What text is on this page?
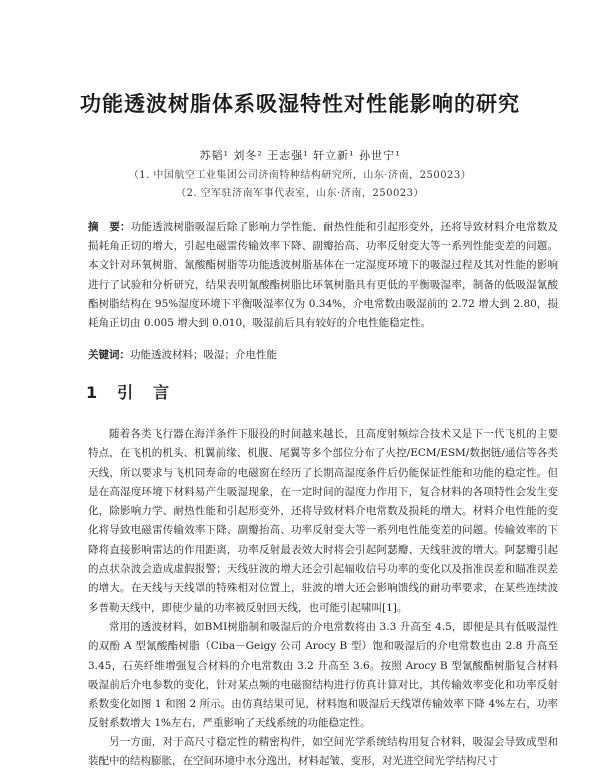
功能透波树脂体系吸湿特性对性能影响的研究
苏韬¹ 刘冬² 王志强¹ 轩立新¹ 孙世宁¹
（1. 中国航空工业集团公司济南特种结构研究所，山东·济南，250023）
（2. 空军驻济南军事代表室，山东·济南，250023）
摘　要：功能透波树脂吸湿后除了影响力学性能、耐热性能和引起形变外，还将导致材料介电常数及损耗角正切的增大，引起电磁雷传输效率下降、副瓣抬高、功率反射变大等一系列性能变差的问题。本文针对环氧树脂、氰酸酯树脂等功能透波树脂基体在一定湿度环境下的吸湿过程及其对性能的影响进行了试验和分析研究，结果表明氰酸酯树脂比环氧树脂具有更低的平衡吸湿率，制备的低吸湿氰酸酯树脂结构在 95%湿度环境下平衡吸湿率仅为 0.34%，介电常数由吸湿前的 2.72 增大到 2.80，损耗角正切由 0.005 增大到 0.010，吸湿前后具有较好的介电性能稳定性。
关键词：功能透波材料；吸湿；介电性能
1 引　言
随着各类飞行器在海洋条件下服役的时间越来越长，且高度射频综合技术又是下一代飞机的主要特点，在飞机的机头、机翼前缘、机腹、尾翼等多个部位分布了火控/ECM/ESM/数据链/通信等各类天线，所以要求与飞机同寿命的电磁窗在经历了长期高湿度条件后仍能保证性能和功能的稳定性。但是在高湿度环境下材料易产生吸湿现象，在一定时间的湿度力作用下，复合材料的各项特性会发生变化，除影响力学、耐热性能和引起形变外，还将导致材料介电常数及损耗的增大。材料介电性能的变化将导致电磁雷传输效率下降、副瓣抬高、功率反射变大等一系列电性能变差的问题。传输效率的下降将直接影响雷达的作用距离，功率反射最表效大时将会引起阿瑟瓣、天线驻波的增大。阿瑟瓣引起的点状杂波会造成虚假报警；天线驻波的增大还会引起辐收信号功率的变化以及指准误差和瞄准误差的增大。在天线与天线罩的特殊相对位置上，驻波的增大还会影响馈线的耐功率要求，在某些连续波多普勒天线中，即使少量的功率被反射回天线，也可能引起啸叫[1]。
常用的透波材料，如BMI树脂制和吸湿后的介电常数将由 3.3 升高至 4.5，即便是具有低吸湿性的双酚 A 型氰酸酯树脂（Ciba－Geigy 公司 Arocy B 型）饱和吸湿后的介电常数也由 2.8 升高至 3.45，石英纤维增强复合材料的介电常数由 3.2 升高至 3.6。按照 Arocy B 型氰酸酯树脂复合材料吸湿前后介电参数的变化，针对某点频的电磁窗结构进行仿真计算对比，其传输效率变化和功率反射系数变化如图 1 和图 2 所示。由仿真结果可见，材料饱和吸湿后天线罩传输效率下降 4%左右，功率反射系数增大 1%左右，严重影响了天线系统的功能稳定性。
另一方面，对于高尺寸稳定性的精密构件，如空间光学系统结构用复合材料，吸湿会导致成型和装配中的结构膨胀，在空间环境中水分逸出，材料起皱、变形，对光进空间光学结构尺寸
